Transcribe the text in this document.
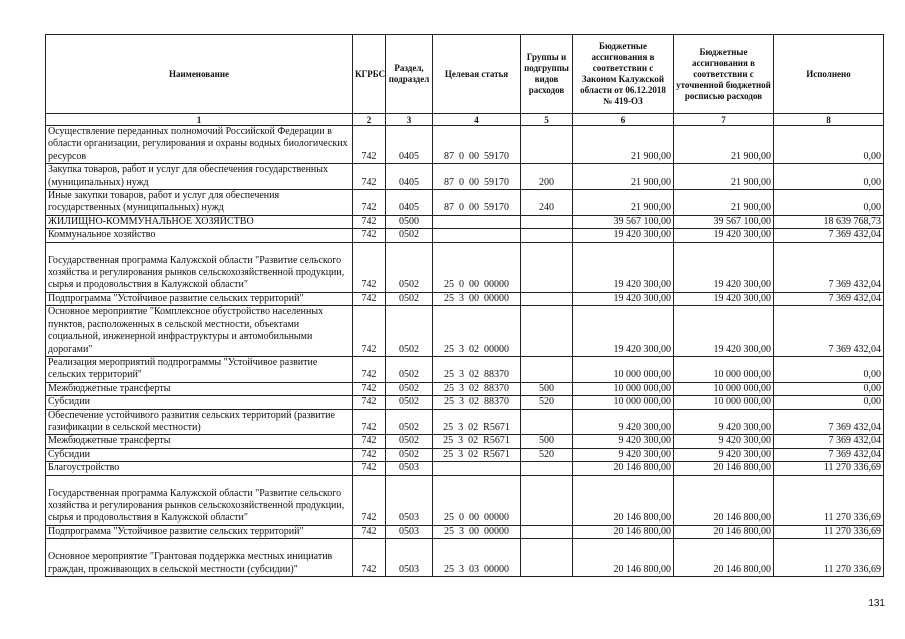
Наименование	КГРБС	Раздел, подраздел	Целевая статья	Группы и подгруппы видов расходов	Бюджетные ассигнования в соответствии с Законом Калужской области от 06.12.2018 № 419-ОЗ	Бюджетные ассигнования в соответствии с уточненной бюджетной росписью расходов	Исполнено
1	2	3	4	5	6	7	8
Осуществление переданных полномочий Российской Федерации в области организации, регулирования и охраны водных биологических ресурсов	742	0405	87  0  00  59170		21 900,00	21 900,00	0,00
Закупка товаров, работ и услуг для обеспечения государственных (муниципальных) нужд	742	0405	87  0  00  59170	200	21 900,00	21 900,00	0,00
Иные закупки товаров, работ и услуг для обеспечения государственных (муниципальных) нужд	742	0405	87  0  00  59170	240	21 900,00	21 900,00	0,00
ЖИЛИЩНО-КОММУНАЛЬНОЕ ХОЗЯЙСТВО	742	0500			39 567 100,00	39 567 100,00	18 639 768,73
Коммунальное хозяйство	742	0502			19 420 300,00	19 420 300,00	7 369 432,04
Государственная программа Калужской области "Развитие сельского хозяйства и регулирования рынков сельскохозяйственной продукции, сырья и продовольствия в Калужской области"	742	0502	25  0  00  00000		19 420 300,00	19 420 300,00	7 369 432,04
Подпрограмма "Устойчивое развитие сельских территорий"	742	0502	25  3  00  00000		19 420 300,00	19 420 300,00	7 369 432,04
Основное мероприятие "Комплексное обустройство населенных пунктов, расположенных в сельской местности, объектами социальной, инженерной инфраструктуры и автомобильными дорогами"	742	0502	25  3  02  00000		19 420 300,00	19 420 300,00	7 369 432,04
Реализация мероприятий подпрограммы "Устойчивое развитие сельских территорий"	742	0502	25  3  02  88370		10 000 000,00	10 000 000,00	0,00
Межбюджетные трансферты	742	0502	25  3  02  88370	500	10 000 000,00	10 000 000,00	0,00
Субсидии	742	0502	25  3  02  88370	520	10 000 000,00	10 000 000,00	0,00
Обеспечение устойчивого развития сельских территорий (развитие газификации в сельской местности)	742	0502	25  3  02  R5671		9 420 300,00	9 420 300,00	7 369 432,04
Межбюджетные трансферты	742	0502	25  3  02  R5671	500	9 420 300,00	9 420 300,00	7 369 432,04
Субсидии	742	0502	25  3  02  R5671	520	9 420 300,00	9 420 300,00	7 369 432,04
Благоустройство	742	0503			20 146 800,00	20 146 800,00	11 270 336,69
Государственная программа Калужской области "Развитие сельского хозяйства и регулирования рынков сельскохозяйственной продукции, сырья и продовольствия в Калужской области"	742	0503	25  0  00  00000		20 146 800,00	20 146 800,00	11 270 336,69
Подпрограмма "Устойчивое развитие сельских территорий"	742	0503	25  3  00  00000		20 146 800,00	20 146 800,00	11 270 336,69
Основное мероприятие "Грантовая поддержка местных инициатив граждан, проживающих в сельской местности (субсидии)"	742	0503	25  3  03  00000		20 146 800,00	20 146 800,00	11 270 336,69
131
